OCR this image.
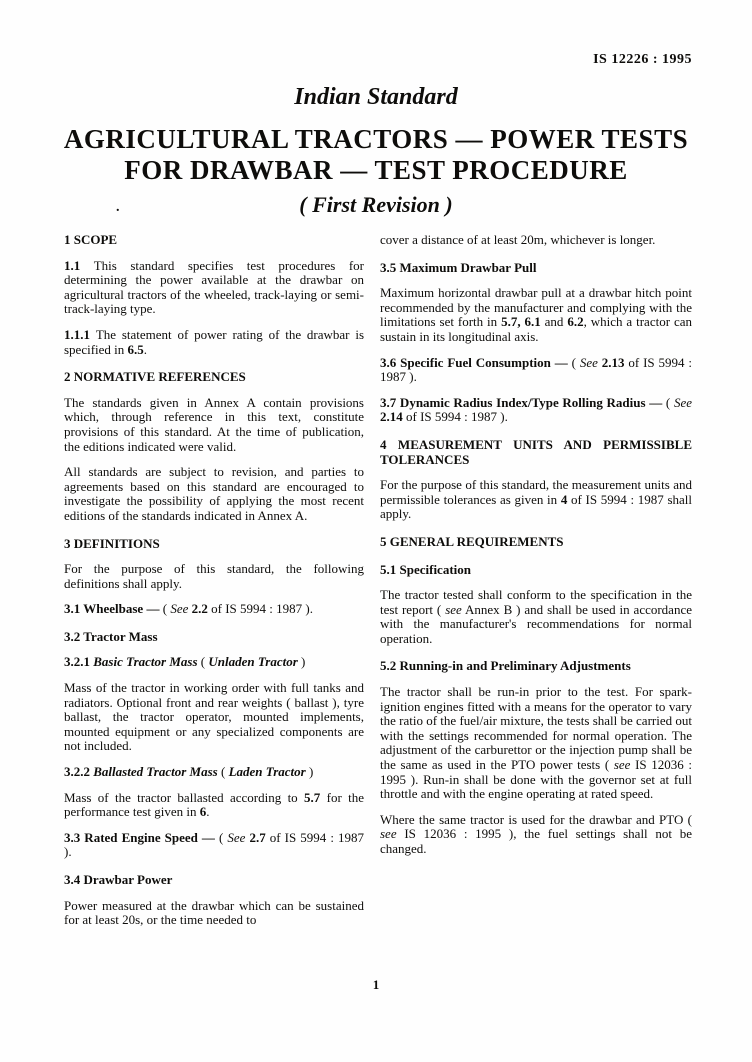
IS 12226 : 1995
Indian Standard
AGRICULTURAL TRACTORS — POWER TESTS
FOR DRAWBAR — TEST PROCEDURE
( First Revision )
.
1 SCOPE
1.1 This standard specifies test procedures for determining the power available at the drawbar on agricultural tractors of the wheeled, track-laying or semi-track-laying type.
1.1.1 The statement of power rating of the drawbar is specified in 6.5.
2 NORMATIVE REFERENCES
The standards given in Annex A contain provisions which, through reference in this text, constitute provisions of this standard. At the time of publication, the editions indicated were valid.
All standards are subject to revision, and parties to agreements based on this standard are encouraged to investigate the possibility of applying the most recent editions of the standards indicated in Annex A.
3 DEFINITIONS
For the purpose of this standard, the following definitions shall apply.
3.1 Wheelbase — ( See 2.2 of IS 5994 : 1987 ).
3.2 Tractor Mass
3.2.1 Basic Tractor Mass ( Unladen Tractor )
Mass of the tractor in working order with full tanks and radiators. Optional front and rear weights ( ballast ), tyre ballast, the tractor operator, mounted implements, mounted equipment or any specialized components are not included.
3.2.2 Ballasted Tractor Mass ( Laden Tractor )
Mass of the tractor ballasted according to 5.7 for the performance test given in 6.
3.3 Rated Engine Speed — ( See 2.7 of IS 5994 : 1987 ).
3.4 Drawbar Power
Power measured at the drawbar which can be sustained for at least 20s, or the time needed to
cover a distance of at least 20m, whichever is longer.
3.5 Maximum Drawbar Pull
Maximum horizontal drawbar pull at a drawbar hitch point recommended by the manufacturer and complying with the limitations set forth in 5.7, 6.1 and 6.2, which a tractor can sustain in its longitudinal axis.
3.6 Specific Fuel Consumption — ( See 2.13 of IS 5994 : 1987 ).
3.7 Dynamic Radius Index/Type Rolling Radius — ( See 2.14 of IS 5994 : 1987 ).
4 MEASUREMENT UNITS AND PERMISSIBLE TOLERANCES
For the purpose of this standard, the measurement units and permissible tolerances as given in 4 of IS 5994 : 1987 shall apply.
5 GENERAL REQUIREMENTS
5.1 Specification
The tractor tested shall conform to the specification in the test report ( see Annex B ) and shall be used in accordance with the manufacturer's recommendations for normal operation.
5.2 Running-in and Preliminary Adjustments
The tractor shall be run-in prior to the test. For spark-ignition engines fitted with a means for the operator to vary the ratio of the fuel/air mixture, the tests shall be carried out with the settings recommended for normal operation. The adjustment of the carburettor or the injection pump shall be the same as used in the PTO power tests ( see IS 12036 : 1995 ). Run-in shall be done with the governor set at full throttle and with the engine operating at rated speed.
Where the same tractor is used for the drawbar and PTO ( see IS 12036 : 1995 ), the fuel settings shall not be changed.
1
